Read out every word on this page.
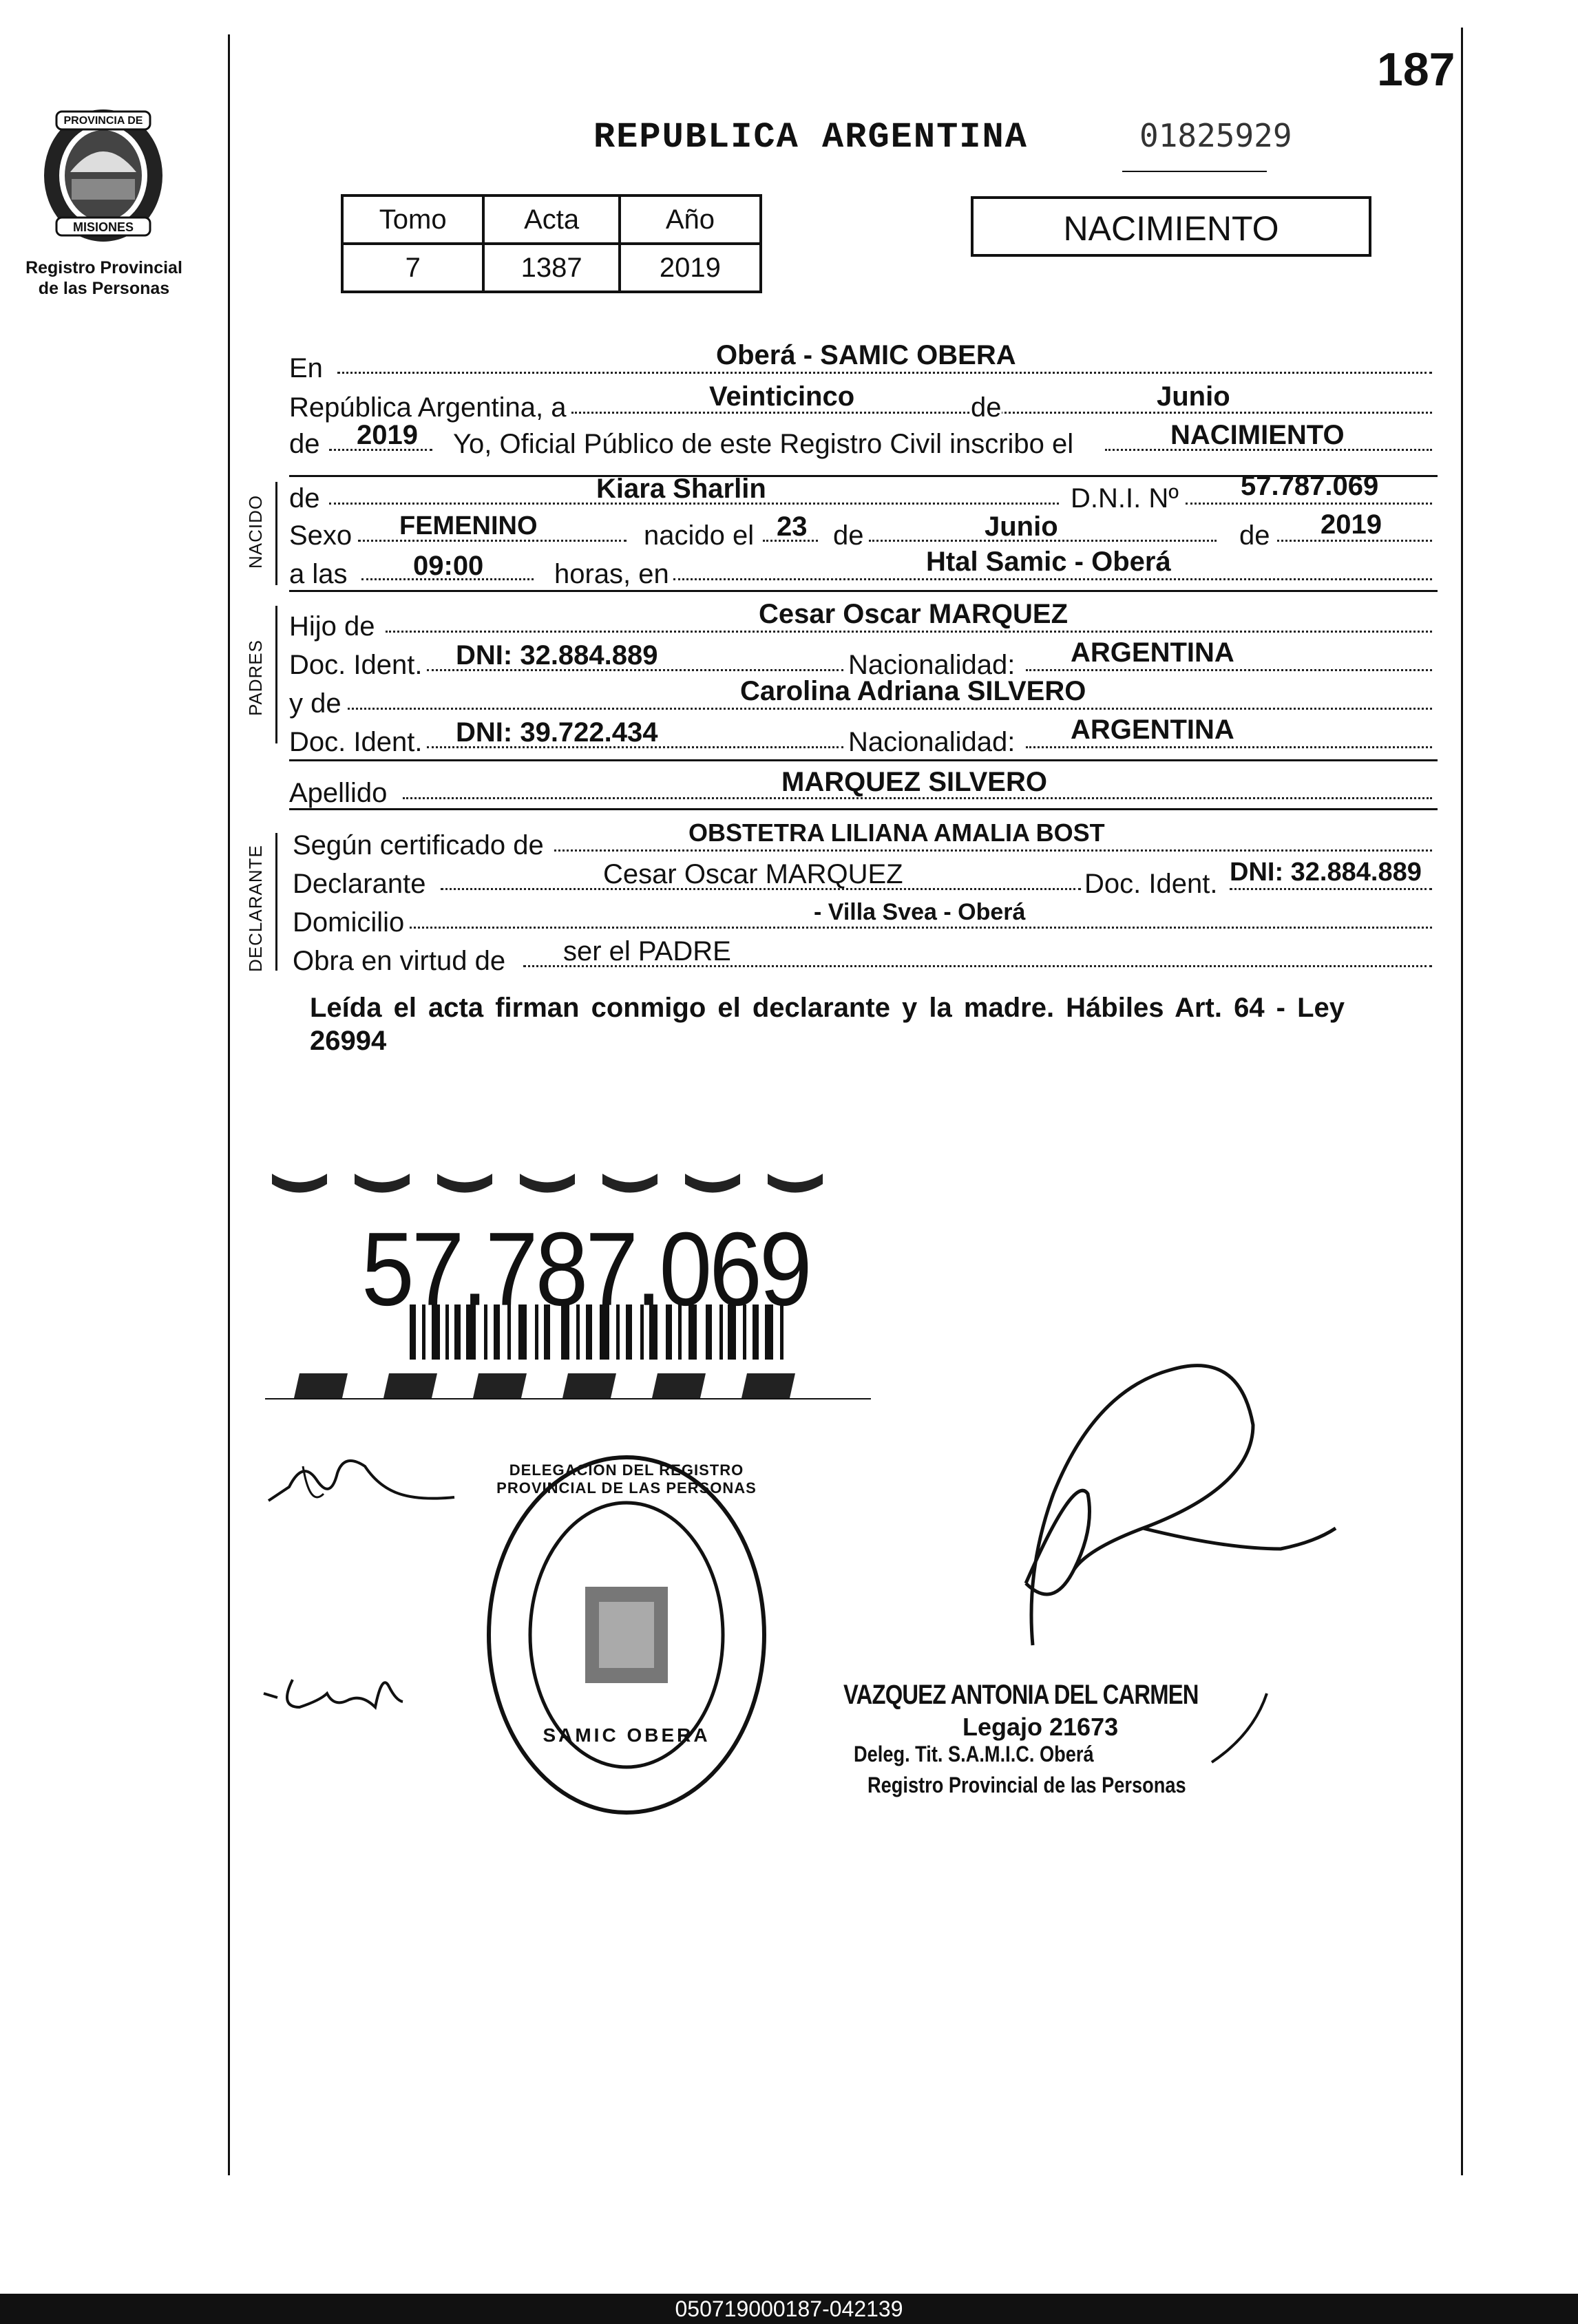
187
PROVINCIA DE
MISIONES
Registro Provincial
de las Personas
REPUBLICA ARGENTINA	01825929
Tomo	Acta	Año
7	1387	2019
NACIMIENTO
En	Oberá - SAMIC OBERA
República Argentina, a	Veinticinco	de	Junio
de 2019 Yo, Oficial Público de este Registro Civil inscribo el	NACIMIENTO
NACIDO de	Kiara Sharlin	D.N.I. Nº 57.787.069
Sexo FEMENINO	nacido el 23 de	Junio	de 2019
a las 09:00	horas, en	Htal Samic - Oberá
PADRES
Hijo de	Cesar Oscar MARQUEZ
Doc. Ident. DNI: 32.884.889	Nacionalidad: ARGENTINA
y de	Carolina Adriana SILVERO
Doc. Ident. DNI: 39.722.434	Nacionalidad: ARGENTINA
Apellido	MARQUEZ SILVERO
DECLARANTE Según certificado de	OBSTETRA LILIANA AMALIA BOST
Declarante	Cesar Oscar MARQUEZ	Doc. Ident. DNI: 32.884.889
Domicilio	- Villa Svea - Oberá
Obra en virtud de ser el PADRE
Leída el acta firman conmigo el declarante y la madre. Hábiles Art. 64 - Ley 26994
57.787.069
DELEGACION DEL REGISTRO PROVINCIAL DE LAS PERSONAS
SAMIC OBERA
VAZQUEZ ANTONIA DEL CARMEN
Legajo 21673
Deleg. Tit. S.A.M.I.C. Oberá
Registro Provincial de las Personas
050719000187-042139
